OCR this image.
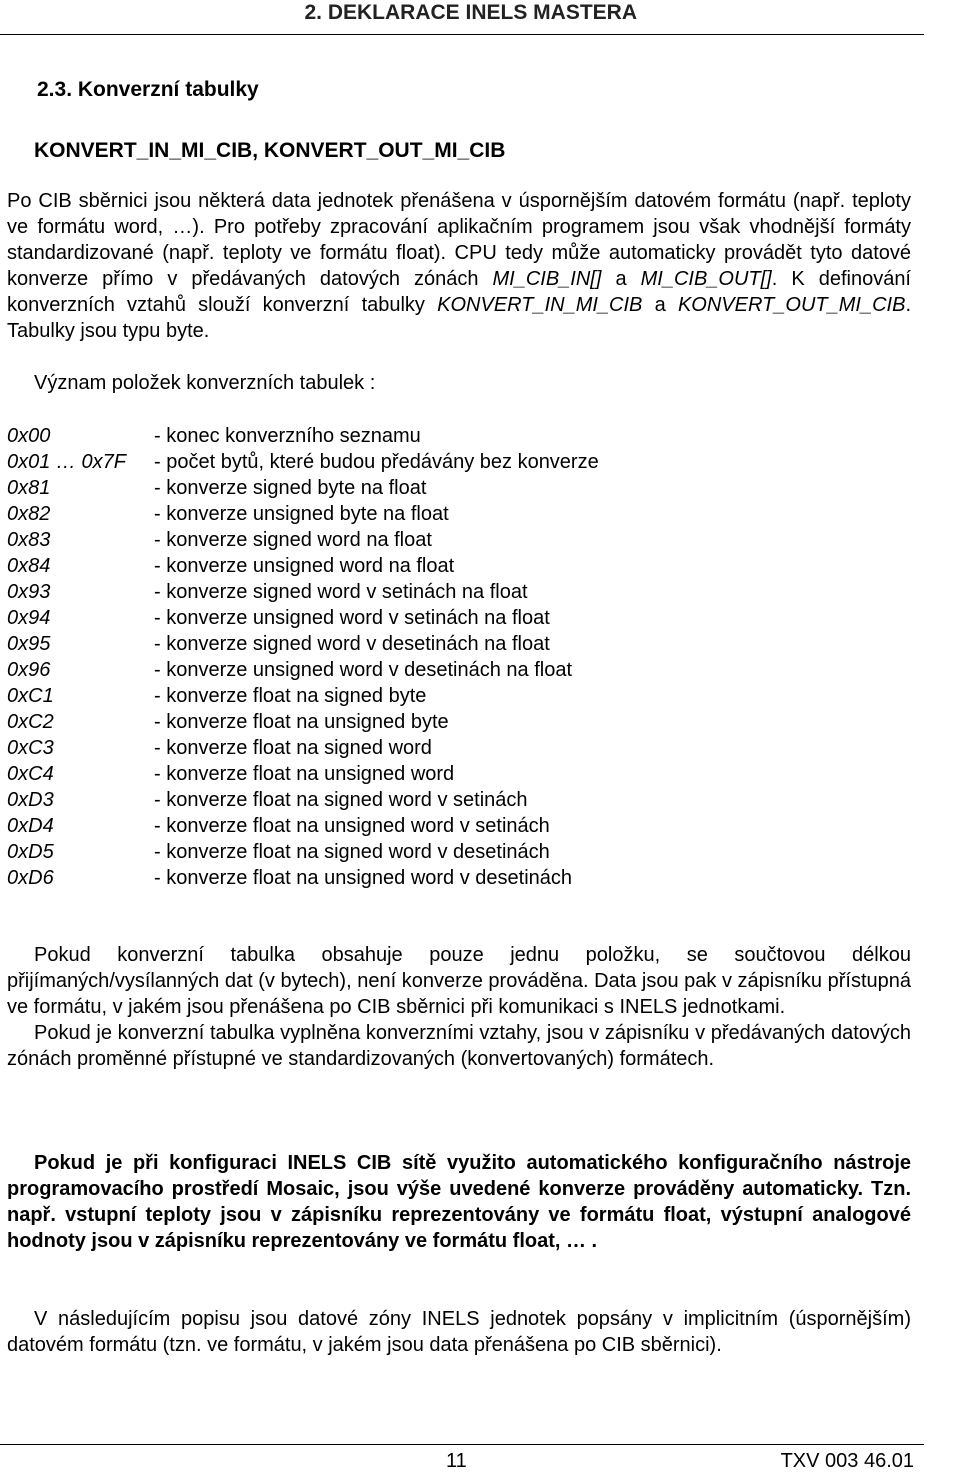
2. DEKLARACE INELS MASTERA
2.3. Konverzní tabulky
KONVERT_IN_MI_CIB, KONVERT_OUT_MI_CIB

Po CIB sběrnici jsou některá data jednotek přenášena v úspornějším datovém formátu (např. teploty ve formátu word, …). Pro potřeby zpracování aplikačním programem jsou však vhodnější formáty standardizované (např. teploty ve formátu float). CPU tedy může automaticky provádět tyto datové konverze přímo v předávaných datových zónách MI_CIB_IN[] a MI_CIB_OUT[]. K definování konverzních vztahů slouží konverzní tabulky KONVERT_IN_MI_CIB a KONVERT_OUT_MI_CIB. Tabulky jsou typu byte.

Význam položek konverzních tabulek :
0x00	- konec konverzního seznamu
0x01 … 0x7F - počet bytů, které budou předávány bez konverze
0x81	- konverze signed byte na float
0x82	- konverze unsigned byte na float
0x83	- konverze signed word na float
0x84	- konverze unsigned word na float
0x93	- konverze signed word v setinách na float
0x94	- konverze unsigned word v setinách na float
0x95	- konverze signed word v desetinách na float
0x96	- konverze unsigned word v desetinách na float
0xC1	- konverze float na signed byte
0xC2	- konverze float na unsigned byte
0xC3	- konverze float na signed word
0xC4	- konverze float na unsigned word
0xD3	- konverze float na signed word v setinách
0xD4	- konverze float na unsigned word v setinách
0xD5	- konverze float na signed word v desetinách
0xD6	- konverze float na unsigned word v desetinách

Pokud konverzní tabulka obsahuje pouze jednu položku, se součtovou délkou přijímaných/vysílanných dat (v bytech), není konverze prováděna. Data jsou pak v zápisníku přístupná ve formátu, v jakém jsou přenášena po CIB sběrnici při komunikaci s INELS jednotkami.

Pokud je konverzní tabulka vyplněna konverzními vztahy, jsou v zápisníku v předávaných datových zónách proměnné přístupné ve standardizovaných (konvertovaných) formátech.

Pokud je při konfiguraci INELS CIB sítě využito automatického konfiguračního nástroje programovacího prostředí Mosaic, jsou výše uvedené konverze prováděny automaticky. Tzn. např. vstupní teploty jsou v zápisníku reprezentovány ve formátu float, výstupní analogové hodnoty jsou v zápisníku reprezentovány ve formátu float, … .

V následujícím popisu jsou datové zóny INELS jednotek popsány v implicitním (úspornějším) datovém formátu (tzn. ve formátu, v jakém jsou data přenášena po CIB sběrnici).

11	TXV 003 46.01
